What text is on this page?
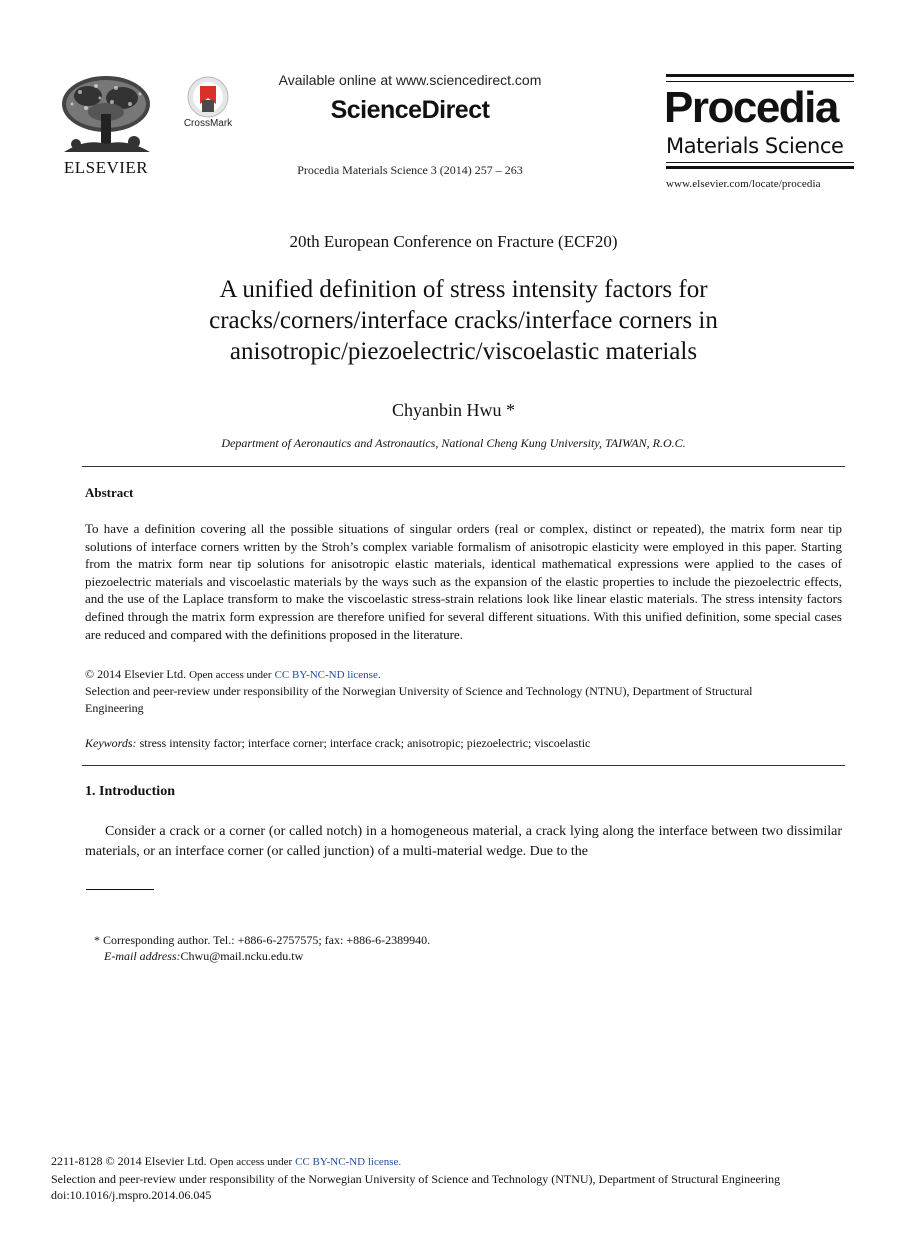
ELSEVIER
CrossMark
Available online at www.sciencedirect.com
ScienceDirect
Procedia Materials Science 3 (2014) 257 – 263
Procedia
Materials Science
www.elsevier.com/locate/procedia
20th European Conference on Fracture (ECF20)
A unified definition of stress intensity factors for cracks/corners/interface cracks/interface corners in anisotropic/piezoelectric/viscoelastic materials
Chyanbin Hwu *
Department of Aeronautics and Astronautics, National Cheng Kung University, TAIWAN, R.O.C.
Abstract
To have a definition covering all the possible situations of singular orders (real or complex, distinct or repeated), the matrix form near tip solutions of interface corners written by the Stroh’s complex variable formalism of anisotropic elasticity were employed in this paper. Starting from the matrix form near tip solutions for anisotropic elastic materials, identical mathematical expressions were applied to the cases of piezoelectric materials and viscoelastic materials by the ways such as the expansion of the elastic properties to include the piezoelectric effects, and the use of the Laplace transform to make the viscoelastic stress-strain relations look like linear elastic materials. The stress intensity factors defined through the matrix form expression are therefore unified for several different situations. With this unified definition, some special cases are reduced and compared with the definitions proposed in the literature.
© 2014 Elsevier Ltd. Open access under CC BY-NC-ND license.
Selection and peer-review under responsibility of the Norwegian University of Science and Technology (NTNU), Department of Structural Engineering
Keywords: stress intensity factor; interface corner; interface crack; anisotropic; piezoelectric; viscoelastic
1. Introduction
Consider a crack or a corner (or called notch) in a homogeneous material, a crack lying along the interface between two dissimilar materials, or an interface corner (or called junction) of a multi-material wedge. Due to the
* Corresponding author. Tel.: +886-6-2757575; fax: +886-6-2389940.
E-mail address:Chwu@mail.ncku.edu.tw
2211-8128 © 2014 Elsevier Ltd. Open access under CC BY-NC-ND license.
Selection and peer-review under responsibility of the Norwegian University of Science and Technology (NTNU), Department of Structural Engineering
doi:10.1016/j.mspro.2014.06.045
